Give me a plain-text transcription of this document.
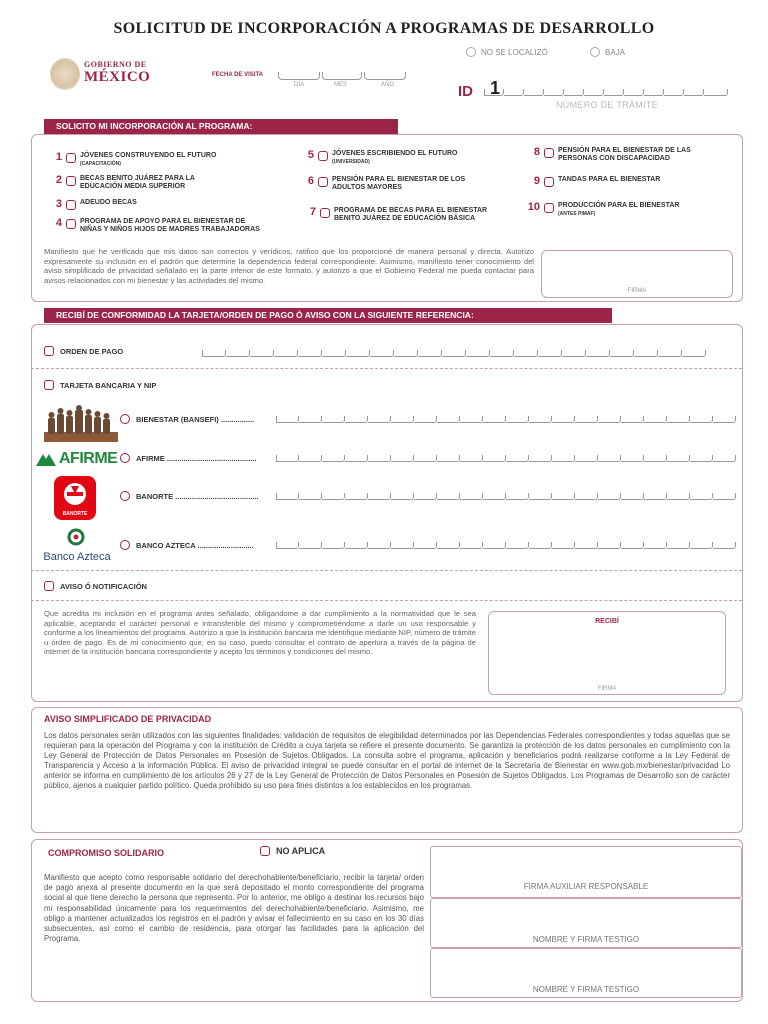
SOLICITUD DE INCORPORACIÓN A PROGRAMAS DE DESARROLLO
GOBIERNO DE
MÉXICO	FECHA DE VISITA
DÍA	MES	AÑO
NO SE LOCALIZÓ	BAJA
ID 1
NÚMERO DE TRÁMITE
SOLICITO MI INCORPORACIÓN AL PROGRAMA:
1	JÓVENES CONSTRUYENDO EL FUTURO
(CAPACITACIÓN)
2	BECAS BENITO JUÁREZ PARA LA
EDUCACIÓN MEDIA SUPERIOR
3	ADEUDO BECAS
4	PROGRAMA DE APOYO PARA EL BIENESTAR DE
NIÑAS Y NIÑOS HIJOS DE MADRES TRABAJADORAS
5	JÓVENES ESCRIBIENDO EL FUTURO
(UNIVERSIDAD)
6	PENSIÓN PARA EL BIENESTAR DE LOS
ADULTOS MAYORES
7	PROGRAMA DE BECAS PARA EL BIENESTAR
BENITO JUÁREZ DE EDUCACIÓN BÁSICA
8	PENSIÓN PARA EL BIENESTAR DE LAS
PERSONAS CON DISCAPACIDAD
9	TANDAS PARA EL BIENESTAR
10	PRODUCCIÓN PARA EL BIENESTAR
(ANTES PIMAF)
Manifiesto que he verificado que mis datos son correctos y verídicos, ratifico que los proporcioné de manera personal y directa. Autorizo expresamente su inclusión en el padrón que determine la dependencia federal correspondiente. Asimismo, manifiesto tener conocimiento del aviso simplificado de privacidad señalado en la parte inferior de este formato, y autorizo a que el Gobierno Federal me pueda contactar para avisos relacionados con mi bienestar y las actividades del mismo.
FIRMA
RECIBÍ DE CONFORMIDAD LA TARJETA/ORDEN DE PAGO Ó AVISO CON LA SIGUIENTE REFERENCIA:
ORDEN DE PAGO
TARJETA BANCARIA Y NIP
BIENESTAR (BANSEFI) ................
AFIRME AFIRME ...........................................
BANORTE
BANORTE ........................................
Banco Azteca
BANCO AZTECA ...........................
AVISO Ó NOTIFICACIÓN
Que acredita mi inclusión en el programa antes señalado, obligandome a dar cumplimiento a la normatividad que le sea aplicable, aceptando el carácter personal e intransferible del mismo y comprometiéndome a darle un uso responsable y conforme a los lineamientos del programa. Autorizo a que la institución bancaria me identifique mediante NIP, número de trámite u órden de pago. Es de mi conocimiento que, en su caso, puedo consultar el contrato de apertura a través de la página de internet de la institución bancaria correspondiente y acepto los términos y condiciones del mismo.
RECIBÍ
FIRMA
AVISO SIMPLIFICADO DE PRIVACIDAD
Los datos personales serán utilizados con las siguientes finalidades: validación de requisitos de elegibilidad determinados por las Dependencias Federales correspondientes y todas aquellas que se requieran para la operación del Programa y con la institución de Crédito a cuya tarjeta se refiere el presente documento. Se garantiza la protección de los datos personales en cumplimiento con la Ley General de Protección de Datos Personales en Posesión de Sujetos Obligados. La consulta sobre el programa, aplicación y beneficiarios podrá realizarse conforme a la Ley Federal de Transparencia y Acceso a la información Pública. El aviso de privacidad integral se puede consultar en el portal de internet de la Secretaría de Bienestar en www.gob.mx/bienestar/privacidad Lo anterior se informa en cumplimiento de los artículos 26 y 27 de la Ley General de Protección de Datos Personales en Posesión de Sujetos Obligados. Los Programas de Desarrollo son de carácter público, ajenos a cualquier partido político. Queda prohibido su uso para fines distintos a los establecidos en los programas.
COMPROMISO SOLIDARIO	NO APLICA
Manifiesto que acepto como responsable solidario del derechohabiente/beneficiario, recibir la tarjeta/ orden de pago anexa al presente documento en la que será depositado el monto correspondiente del programa social al que tiene derecho la persona que represento. Por lo anterior, me obligo a destinar los recursos bajo mi responsabilidad únicamente para los requerimientos del derechohabiente/beneficiario. Asimismo, me obligo a mantener actualizados los registros en el padrón y avisar el fallecimiento en su caso en los 30 días subsecuentes, así como el cambio de residencia, para otorgar las facilidades para la aplicación del Programa.
FIRMA AUXILIAR RESPONSABLE
NOMBRE Y FIRMA TESTIGO
NOMBRE Y FIRMA TESTIGO
